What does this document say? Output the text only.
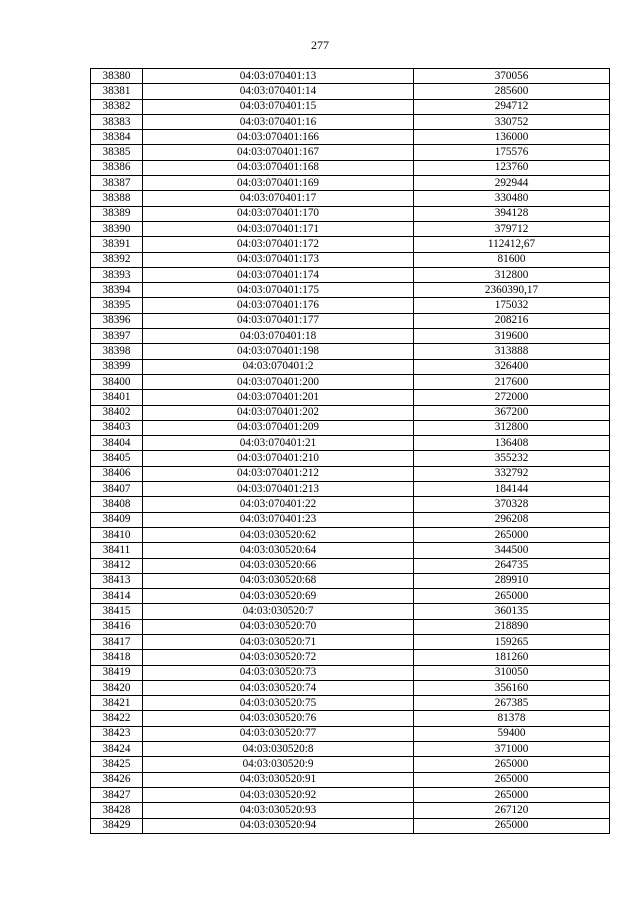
277
38380	04:03:070401:13	370056
38381	04:03:070401:14	285600
38382	04:03:070401:15	294712
38383	04:03:070401:16	330752
38384	04:03:070401:166	136000
38385	04:03:070401:167	175576
38386	04:03:070401:168	123760
38387	04:03:070401:169	292944
38388	04:03:070401:17	330480
38389	04:03:070401:170	394128
38390	04:03:070401:171	379712
38391	04:03:070401:172	112412,67
38392	04:03:070401:173	81600
38393	04:03:070401:174	312800
38394	04:03:070401:175	2360390,17
38395	04:03:070401:176	175032
38396	04:03:070401:177	208216
38397	04:03:070401:18	319600
38398	04:03:070401:198	313888
38399	04:03:070401:2	326400
38400	04:03:070401:200	217600
38401	04:03:070401:201	272000
38402	04:03:070401:202	367200
38403	04:03:070401:209	312800
38404	04:03:070401:21	136408
38405	04:03:070401:210	355232
38406	04:03:070401:212	332792
38407	04:03:070401:213	184144
38408	04:03:070401:22	370328
38409	04:03:070401:23	296208
38410	04:03:030520:62	265000
38411	04:03:030520:64	344500
38412	04:03:030520:66	264735
38413	04:03:030520:68	289910
38414	04:03:030520:69	265000
38415	04:03:030520:7	360135
38416	04:03:030520:70	218890
38417	04:03:030520:71	159265
38418	04:03:030520:72	181260
38419	04:03:030520:73	310050
38420	04:03:030520:74	356160
38421	04:03:030520:75	267385
38422	04:03:030520:76	81378
38423	04:03:030520:77	59400
38424	04:03:030520:8	371000
38425	04:03:030520:9	265000
38426	04:03:030520:91	265000
38427	04:03:030520:92	265000
38428	04:03:030520:93	267120
38429	04:03:030520:94	265000
